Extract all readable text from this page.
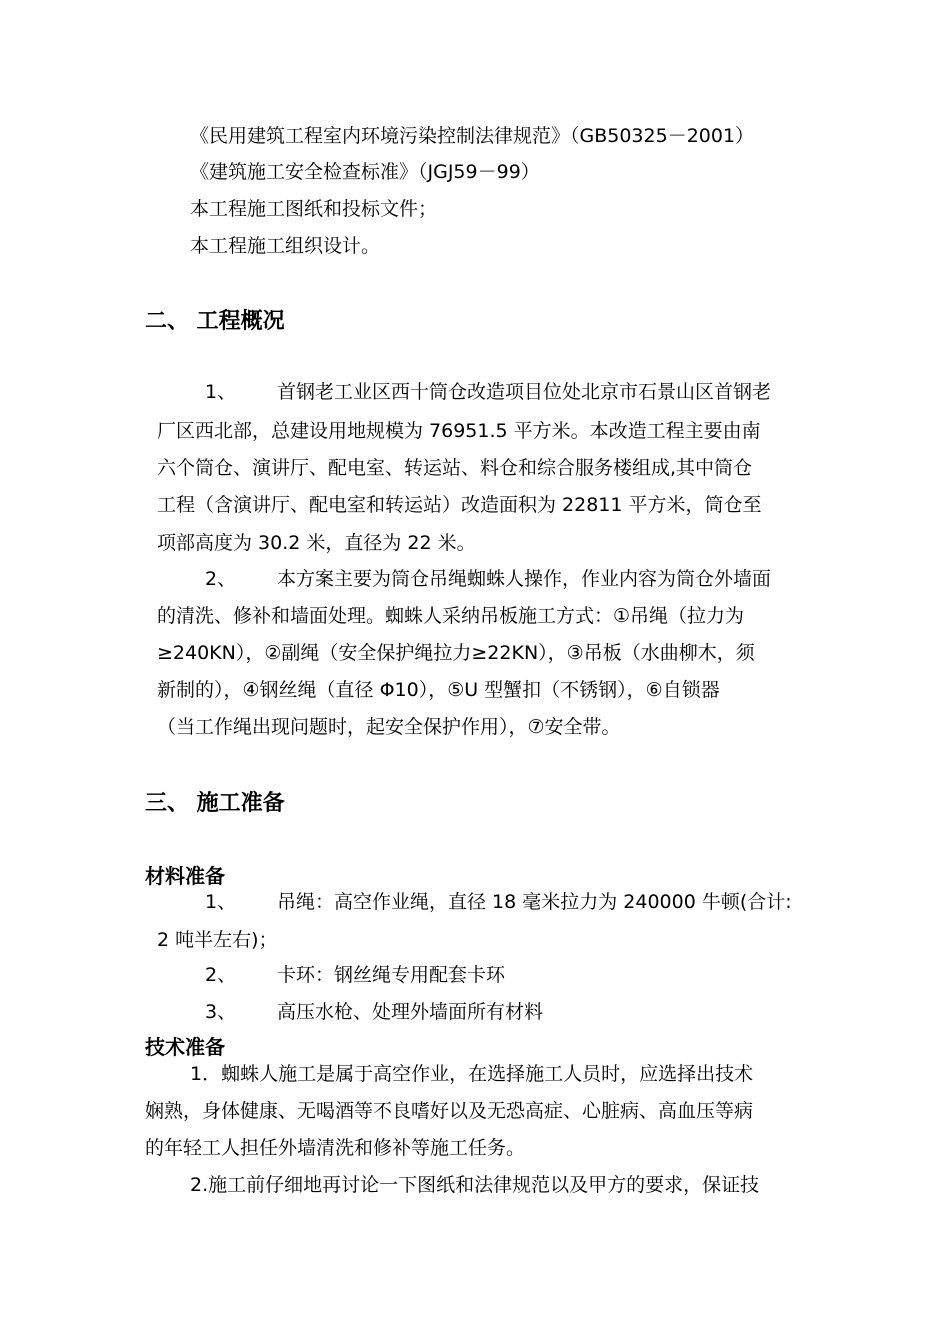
《民用建筑工程室内环境污染控制法律规范》（GB50325－2001）

《建筑施工安全检查标准》（JGJ59－99）

本工程施工图纸和投标文件；

本工程施工组织设计。

二、 工程概况
1、 首钢老工业区西十筒仓改造项目位处北京市石景山区首钢老

厂区西北部，总建设用地规模为 76951.5 平方米。本改造工程主要由南

六个筒仓、演讲厅、配电室、转运站、料仓和综合服务楼组成,其中筒仓

工程（含演讲厅、配电室和转运站）改造面积为 22811 平方米，筒仓至

项部高度为 30.2 米，直径为 22 米。

2、 本方案主要为筒仓吊绳蜘蛛人操作，作业内容为筒仓外墙面

的清洗、修补和墙面处理。蜘蛛人采纳吊板施工方式：①吊绳（拉力为

≥240KN），②副绳（安全保护绳拉力≥22KN），③吊板（水曲柳木，须

新制的），④钢丝绳（直径 Φ10），⑤U 型蟹扣（不锈钢），⑥自锁器

（当工作绳出现问题时，起安全保护作用），⑦安全带。

三、 施工准备
材料准备
1、 吊绳：高空作业绳，直径 18 毫米拉力为 240000 牛顿(合计:

2 吨半左右)；

2、 卡环：钢丝绳专用配套卡环
3、 高压水枪、处理外墙面所有材料
技术准备

1．蜘蛛人施工是属于高空作业，在选择施工人员时，应选择出技术

娴熟，身体健康、无喝酒等不良嗜好以及无恐高症、心脏病、高血压等病

的年轻工人担任外墙清洗和修补等施工任务。

2.施工前仔细地再讨论一下图纸和法律规范以及甲方的要求，保证技
